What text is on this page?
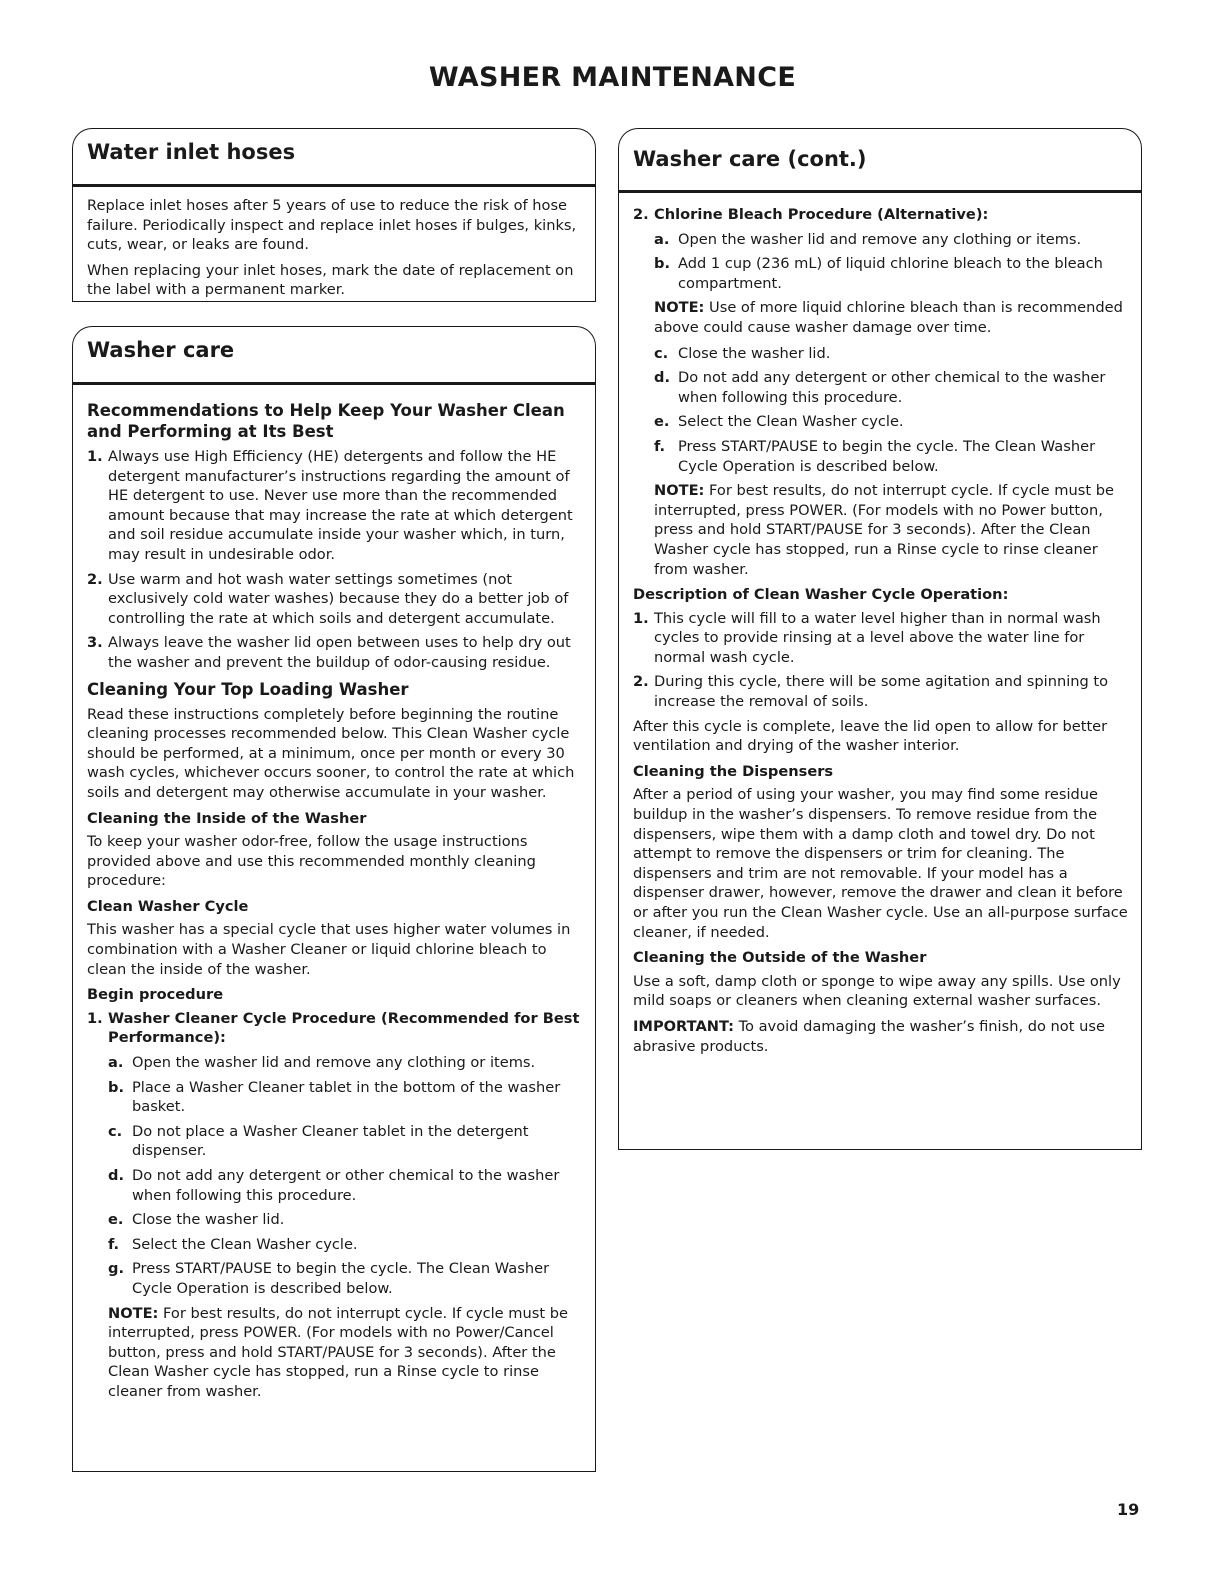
WASHER MAINTENANCE
Water inlet hoses

Replace inlet hoses after 5 years of use to reduce the risk of hose failure. Periodically inspect and replace inlet hoses if bulges, kinks, cuts, wear, or leaks are found.

When replacing your inlet hoses, mark the date of replacement on the label with a permanent marker.

Washer care
Recommendations to Help Keep Your Washer Clean and Performing at Its Best
1. Always use High Efficiency (HE) detergents and follow the HE detergent manufacturer’s instructions regarding the amount of HE detergent to use. Never use more than the recommended amount because that may increase the rate at which detergent and soil residue accumulate inside your washer which, in turn, may result in undesirable odor.
2. Use warm and hot wash water settings sometimes (not exclusively cold water washes) because they do a better job of controlling the rate at which soils and detergent accumulate.
3. Always leave the washer lid open between uses to help dry out the washer and prevent the buildup of odor-causing residue.
Cleaning Your Top Loading Washer

Read these instructions completely before beginning the routine cleaning processes recommended below. This Clean Washer cycle should be performed, at a minimum, once per month or every 30 wash cycles, whichever occurs sooner, to control the rate at which soils and detergent may otherwise accumulate in your washer.

Cleaning the Inside of the Washer

To keep your washer odor-free, follow the usage instructions provided above and use this recommended monthly cleaning procedure:

Clean Washer Cycle

This washer has a special cycle that uses higher water volumes in combination with a Washer Cleaner or liquid chlorine bleach to clean the inside of the washer.

Begin procedure
1. Washer Cleaner Cycle Procedure (Recommended for Best Performance):
a. Open the washer lid and remove any clothing or items.
b. Place a Washer Cleaner tablet in the bottom of the washer basket.
c. Do not place a Washer Cleaner tablet in the detergent dispenser.
d. Do not add any detergent or other chemical to the washer when following this procedure.
e. Close the washer lid.
f. Select the Clean Washer cycle.
g. Press START/PAUSE to begin the cycle. The Clean Washer Cycle Operation is described below.

NOTE: For best results, do not interrupt cycle. If cycle must be interrupted, press POWER. (For models with no Power/Cancel button, press and hold START/PAUSE for 3 seconds). After the Clean Washer cycle has stopped, run a Rinse cycle to rinse cleaner from washer.

Washer care (cont.)
2. Chlorine Bleach Procedure (Alternative):
a. Open the washer lid and remove any clothing or items.
b. Add 1 cup (236 mL) of liquid chlorine bleach to the bleach compartment.

NOTE: Use of more liquid chlorine bleach than is recommended above could cause washer damage over time.

c. Close the washer lid.
d. Do not add any detergent or other chemical to the washer when following this procedure.
e. Select the Clean Washer cycle.
f. Press START/PAUSE to begin the cycle. The Clean Washer Cycle Operation is described below.

NOTE: For best results, do not interrupt cycle. If cycle must be interrupted, press POWER. (For models with no Power button, press and hold START/PAUSE for 3 seconds). After the Clean Washer cycle has stopped, run a Rinse cycle to rinse cleaner from washer.

Description of Clean Washer Cycle Operation:
1. This cycle will fill to a water level higher than in normal wash cycles to provide rinsing at a level above the water line for normal wash cycle.
2. During this cycle, there will be some agitation and spinning to increase the removal of soils.

After this cycle is complete, leave the lid open to allow for better ventilation and drying of the washer interior.

Cleaning the Dispensers

After a period of using your washer, you may find some residue buildup in the washer’s dispensers. To remove residue from the dispensers, wipe them with a damp cloth and towel dry. Do not attempt to remove the dispensers or trim for cleaning. The dispensers and trim are not removable. If your model has a dispenser drawer, however, remove the drawer and clean it before or after you run the Clean Washer cycle. Use an all-purpose surface cleaner, if needed.

Cleaning the Outside of the Washer

Use a soft, damp cloth or sponge to wipe away any spills. Use only mild soaps or cleaners when cleaning external washer surfaces.

IMPORTANT: To avoid damaging the washer’s finish, do not use abrasive products.

19
